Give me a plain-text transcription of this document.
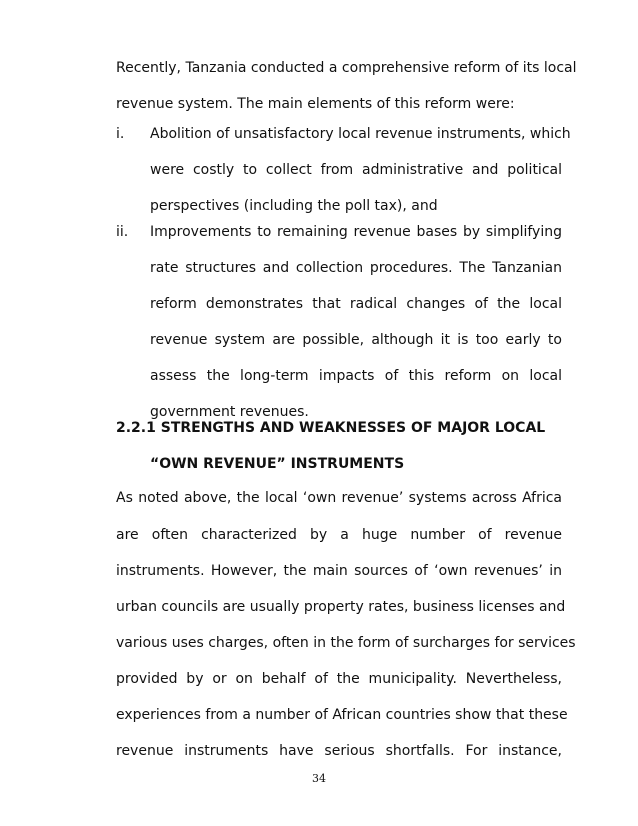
Recently, Tanzania conducted a comprehensive reform of its local
revenue system. The main elements of this reform were:
i. Abolition of unsatisfactory local revenue instruments, which
were costly to collect from administrative and political
perspectives (including the poll tax), and
ii. Improvements to remaining revenue bases by simplifying
rate structures and collection procedures. The Tanzanian
reform demonstrates that radical changes of the local
revenue system are possible, although it is too early to
assess the long-term impacts of this reform on local
government revenues.
2.2.1 STRENGTHS AND WEAKNESSES OF MAJOR LOCAL
“OWN REVENUE” INSTRUMENTS
As noted above, the local ‘own revenue’ systems across Africa
are often characterized by a huge number of revenue
instruments. However, the main sources of ‘own revenues’ in
urban councils are usually property rates, business licenses and
various uses charges, often in the form of surcharges for services
provided by or on behalf of the municipality. Nevertheless,
experiences from a number of African countries show that these
revenue instruments have serious shortfalls. For instance,
34
